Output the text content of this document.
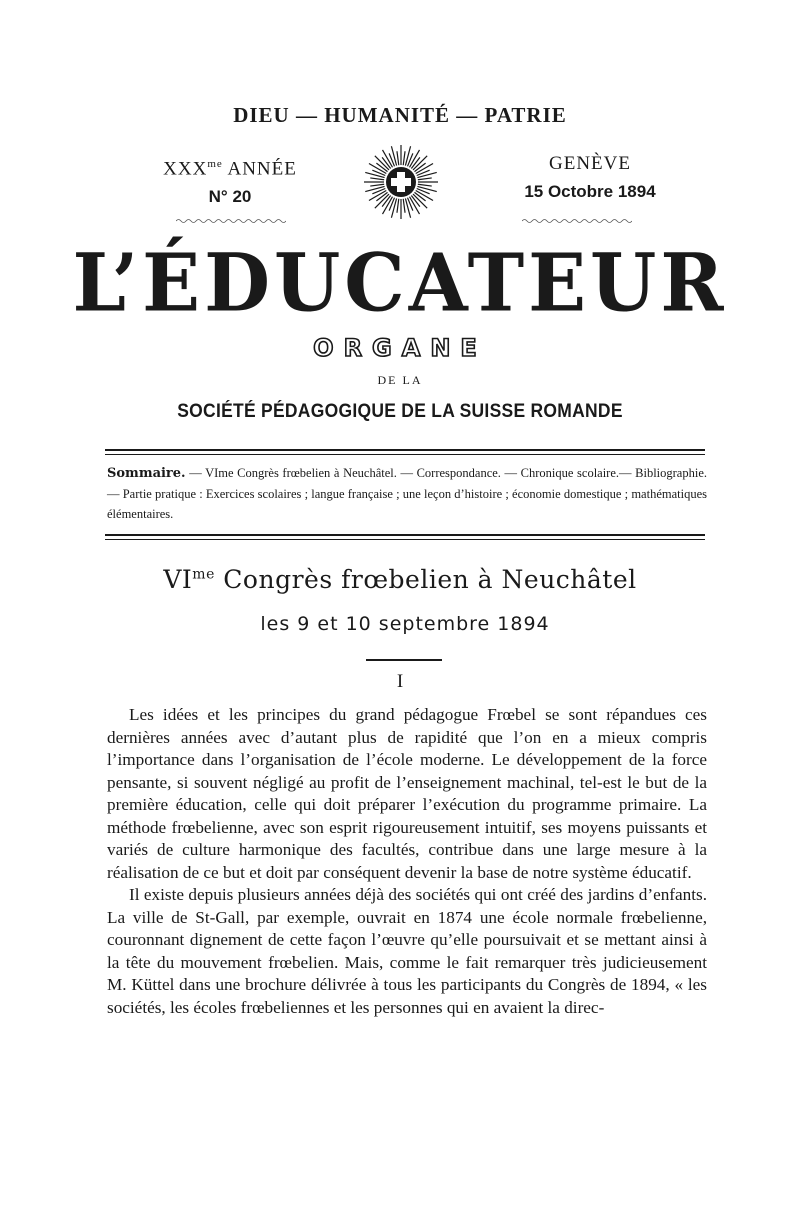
DIEU — HUMANITÉ — PATRIE
$XXX^{me}$ ANNÉE
N° 20
GENÈVE
15 Octobre 1894
L’ÉDUCATEUR
ORGANE
DE LA
SOCIÉTÉ PÉDAGOGIQUE DE LA SUISSE ROMANDE
Sommaire. — VIme Congrès frœbelien à Neuchâtel. — Correspondance. — Chronique scolaire.— Bibliographie. — Partie pratique : Exercices scolaires ; langue française ; une leçon d’histoire ; économie domestique ; mathématiques élémentaires.
$VI^{me}$ Congrès frœbelien à Neuchâtel
les 9 et 10 septembre 1894
I

Les idées et les principes du grand pédagogue Frœbel se sont répandues ces dernières années avec d’autant plus de rapidité que l’on en a mieux compris l’importance dans l’organisation de l’école moderne. Le développement de la force pensante, si souvent négligé au profit de l’enseignement machinal, tel-est le but de la première éducation, celle qui doit préparer l’exécution du programme primaire. La méthode frœbelienne, avec son esprit rigoureusement intuitif, ses moyens puissants et variés de culture harmonique des facultés, contribue dans une large mesure à la réalisation de ce but et doit par conséquent devenir la base de notre système éducatif.

Il existe depuis plusieurs années déjà des sociétés qui ont créé des jardins d’enfants. La ville de St-Gall, par exemple, ouvrait en 1874 une école normale frœbelienne, couronnant dignement de cette façon l’œuvre qu’elle poursuivait et se mettant ainsi à la tête du mouvement frœbelien. Mais, comme le fait remarquer très judicieusement M. Küttel dans une brochure délivrée à tous les participants du Congrès de 1894, « les sociétés, les écoles frœbeliennes et les personnes qui en avaient la direc-
